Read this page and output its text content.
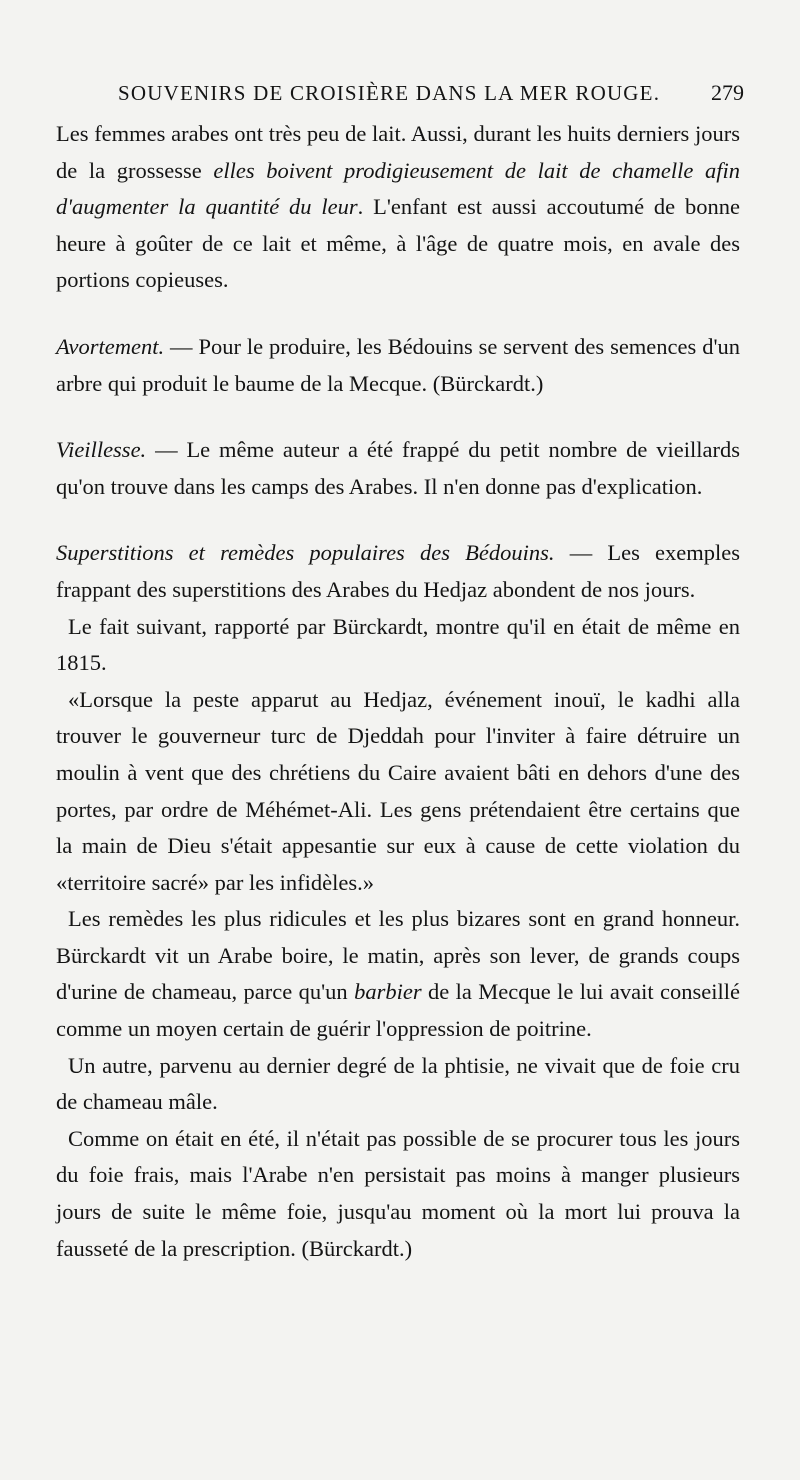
SOUVENIRS DE CROISIÈRE DANS LA MER ROUGE. 279

Les femmes arabes ont très peu de lait. Aussi, durant les huits derniers jours de la grossesse elles boivent prodigieusement de lait de chamelle afin d'augmenter la quantité du leur. L'enfant est aussi accoutumé de bonne heure à goûter de ce lait et même, à l'âge de quatre mois, en avale des portions copieuses.

Avortement. — Pour le produire, les Bédouins se servent des semences d'un arbre qui produit le baume de la Mecque. (Bürckardt.)

Vieillesse. — Le même auteur a été frappé du petit nombre de vieillards qu'on trouve dans les camps des Arabes. Il n'en donne pas d'explication.

Superstitions et remèdes populaires des Bédouins. — Les exemples frappant des superstitions des Arabes du Hedjaz abondent de nos jours.

Le fait suivant, rapporté par Bürckardt, montre qu'il en était de même en 1815.

«Lorsque la peste apparut au Hedjaz, événement inouï, le kadhi alla trouver le gouverneur turc de Djeddah pour l'inviter à faire détruire un moulin à vent que des chrétiens du Caire avaient bâti en dehors d'une des portes, par ordre de Méhémet-Ali. Les gens prétendaient être certains que la main de Dieu s'était appesantie sur eux à cause de cette violation du «territoire sacré» par les infidèles.»

Les remèdes les plus ridicules et les plus bizares sont en grand honneur. Bürckardt vit un Arabe boire, le matin, après son lever, de grands coups d'urine de chameau, parce qu'un barbier de la Mecque le lui avait conseillé comme un moyen certain de guérir l'oppression de poitrine.

Un autre, parvenu au dernier degré de la phtisie, ne vivait que de foie cru de chameau mâle.

Comme on était en été, il n'était pas possible de se procurer tous les jours du foie frais, mais l'Arabe n'en persistait pas moins à manger plusieurs jours de suite le même foie, jusqu'au moment où la mort lui prouva la fausseté de la prescription. (Bürckardt.)
